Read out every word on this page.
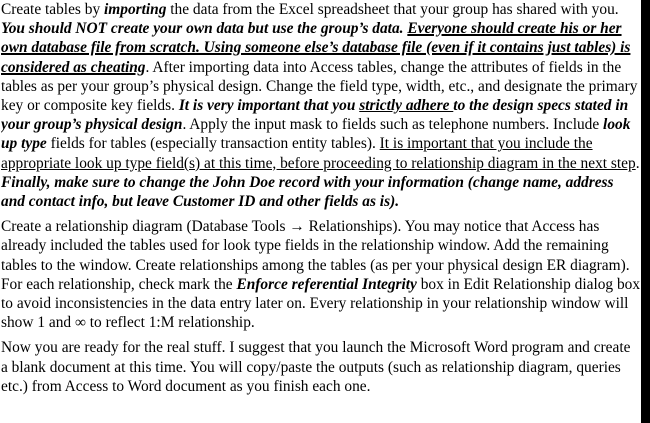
Create tables by importing the data from the Excel spreadsheet that your group has shared with you. You should NOT create your own data but use the group’s data. Everyone should create his or her own database file from scratch. Using someone else’s database file (even if it contains just tables) is considered as cheating. After importing data into Access tables, change the attributes of fields in the tables as per your group’s physical design. Change the field type, width, etc., and designate the primary key or composite key fields. It is very important that you strictly adhere to the design specs stated in your group’s physical design. Apply the input mask to fields such as telephone numbers. Include look up type fields for tables (especially transaction entity tables). It is important that you include the appropriate look up type field(s) at this time, before proceeding to relationship diagram in the next step. Finally, make sure to change the John Doe record with your information (change name, address and contact info, but leave Customer ID and other fields as is).

Create a relationship diagram (Database Tools → Relationships). You may notice that Access has already included the tables used for look type fields in the relationship window. Add the remaining tables to the window. Create relationships among the tables (as per your physical design ER diagram). For each relationship, check mark the Enforce referential Integrity box in Edit Relationship dialog box to avoid inconsistencies in the data entry later on. Every relationship in your relationship window will show 1 and ∞ to reflect 1:M relationship.

Now you are ready for the real stuff. I suggest that you launch the Microsoft Word program and create a blank document at this time. You will copy/paste the outputs (such as relationship diagram, queries etc.) from Access to Word document as you finish each one.
